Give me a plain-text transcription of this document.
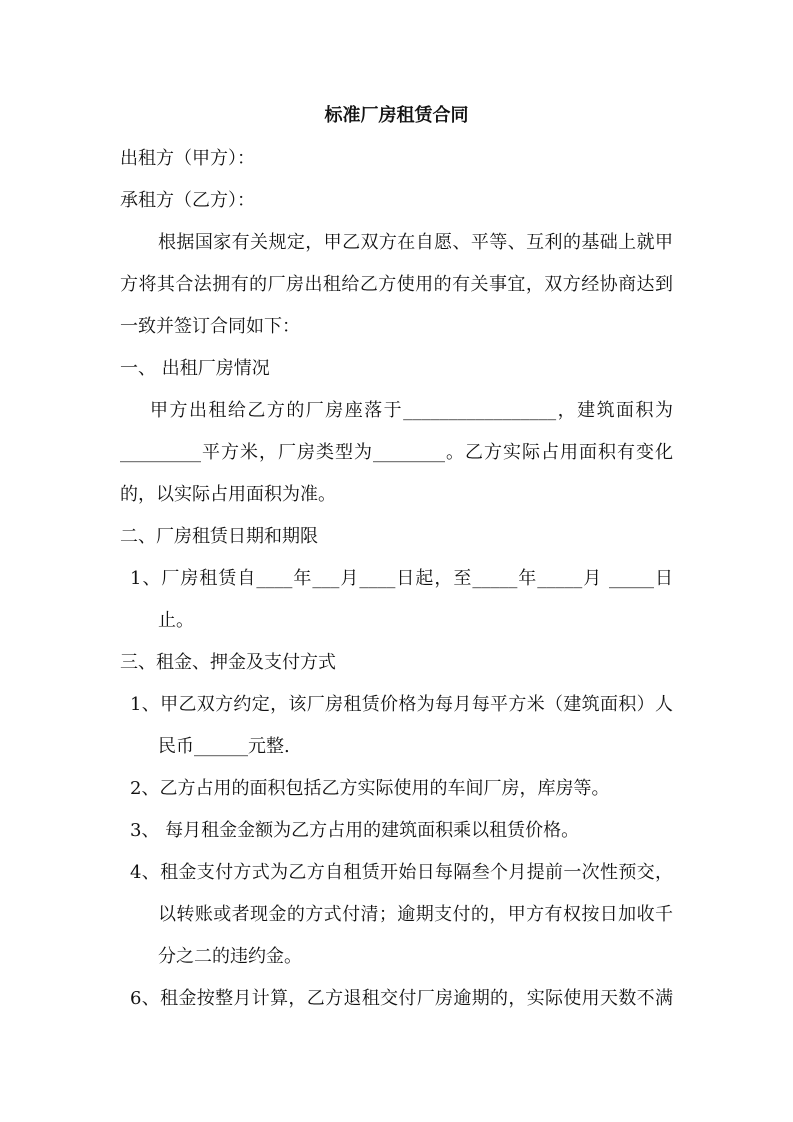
标准厂房租赁合同
出租方（甲方）：
承租方（乙方）：
根据国家有关规定，甲乙双方在自愿、平等、互利的基础上就甲
方将其合法拥有的厂房出租给乙方使用的有关事宜，双方经协商达到
一致并签订合同如下：
一、 出租厂房情况
甲方出租给乙方的厂房座落于_________________，建筑面积为
_________平方米，厂房类型为________。乙方实际占用面积有变化
的，以实际占用面积为准。
二、厂房租赁日期和期限
1、厂房租赁自____年___月____日起，至_____年_____月 _____日
止。
三、租金、押金及支付方式
1、甲乙双方约定，该厂房租赁价格为每月每平方米（建筑面积）人
民币______元整.
2、乙方占用的面积包括乙方实际使用的车间厂房，库房等。
3、 每月租金金额为乙方占用的建筑面积乘以租赁价格。
4、租金支付方式为乙方自租赁开始日每隔叁个月提前一次性预交，
以转账或者现金的方式付清；逾期支付的，甲方有权按日加收千
分之二的违约金。
6、租金按整月计算，乙方退租交付厂房逾期的，实际使用天数不满
